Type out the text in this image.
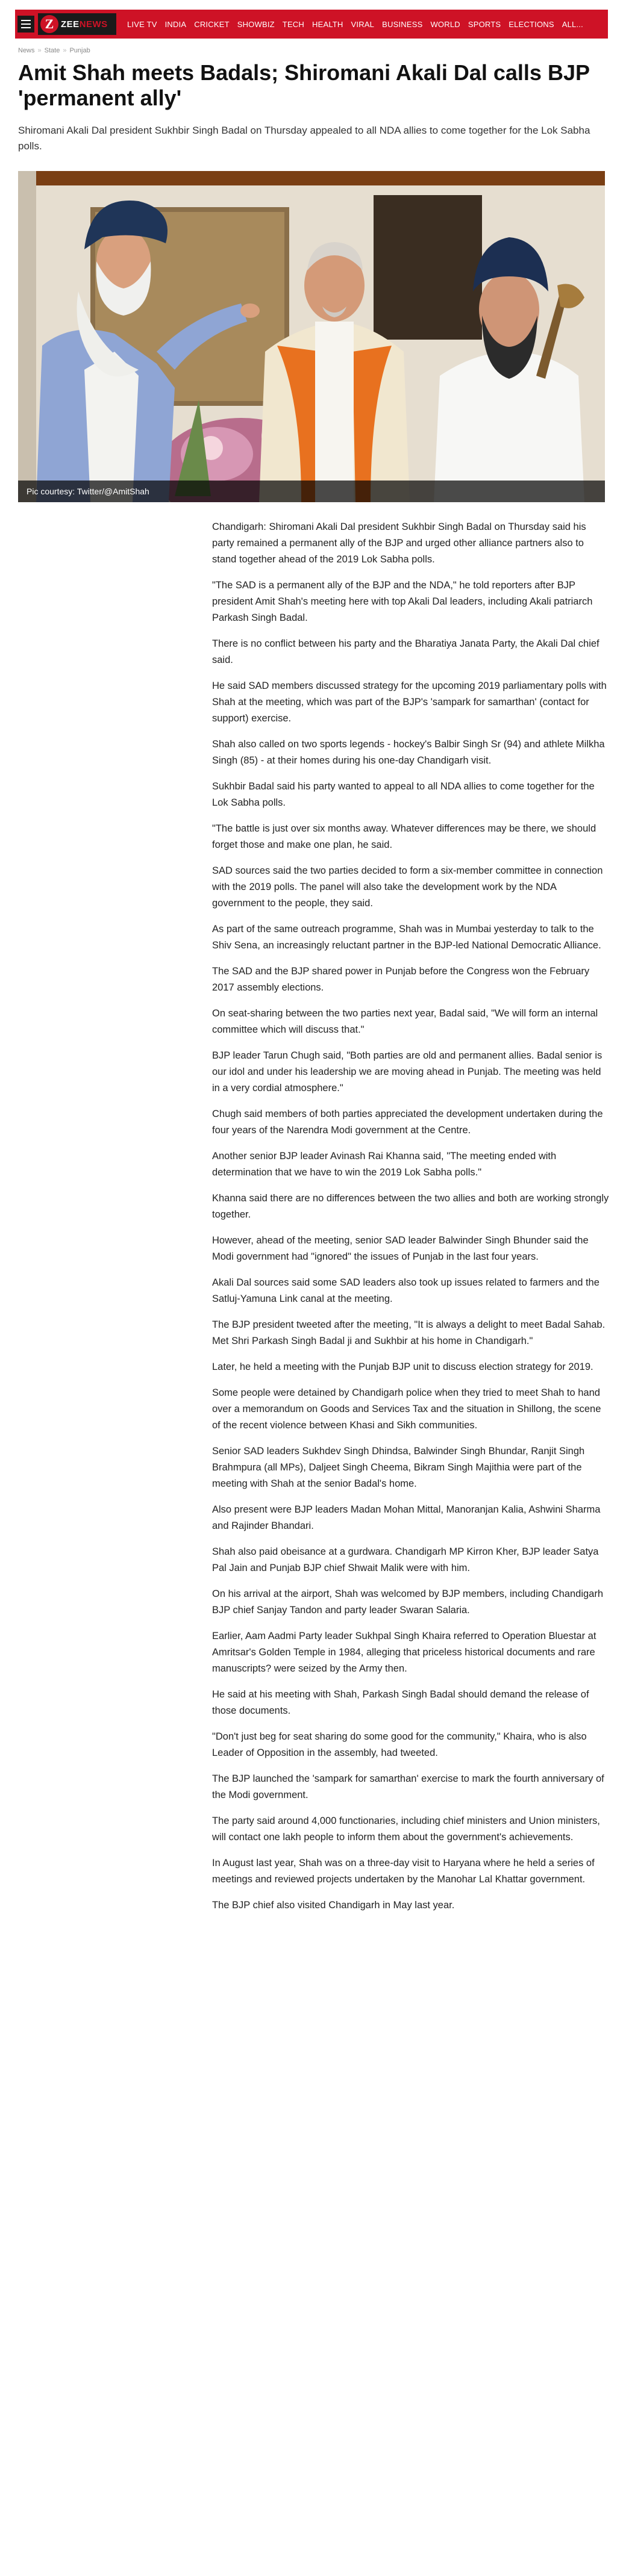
Z ZEENEWS LIVE TV INDIA CRICKET SHOWBIZ TECH HEALTH VIRAL BUSINESS WORLD SPORTS ELECTIONS ALL...
News » State » Punjab
Amit Shah meets Badals; Shiromani Akali Dal calls BJP 'permanent ally'

Shiromani Akali Dal president Sukhbir Singh Badal on Thursday appealed to all NDA allies to come together for the Lok Sabha polls.

Pic courtesy: Twitter/@AmitShah

Chandigarh: Shiromani Akali Dal president Sukhbir Singh Badal on Thursday said his party remained a permanent ally of the BJP and urged other alliance partners also to stand together ahead of the 2019 Lok Sabha polls.

"The SAD is a permanent ally of the BJP and the NDA," he told reporters after BJP president Amit Shah's meeting here with top Akali Dal leaders, including Akali patriarch Parkash Singh Badal.

There is no conflict between his party and the Bharatiya Janata Party, the Akali Dal chief said.

He said SAD members discussed strategy for the upcoming 2019 parliamentary polls with Shah at the meeting, which was part of the BJP's 'sampark for samarthan' (contact for support) exercise.

Shah also called on two sports legends - hockey's Balbir Singh Sr (94) and athlete Milkha Singh (85) - at their homes during his one-day Chandigarh visit.

Sukhbir Badal said his party wanted to appeal to all NDA allies to come together for the Lok Sabha polls.

"The battle is just over six months away. Whatever differences may be there, we should forget those and make one plan, he said.

SAD sources said the two parties decided to form a six-member committee in connection with the 2019 polls. The panel will also take the development work by the NDA government to the people, they said.

As part of the same outreach programme, Shah was in Mumbai yesterday to talk to the Shiv Sena, an increasingly reluctant partner in the BJP-led National Democratic Alliance.

The SAD and the BJP shared power in Punjab before the Congress won the February 2017 assembly elections.

On seat-sharing between the two parties next year, Badal said, "We will form an internal committee which will discuss that."

BJP leader Tarun Chugh said, "Both parties are old and permanent allies. Badal senior is our idol and under his leadership we are moving ahead in Punjab. The meeting was held in a very cordial atmosphere."

Chugh said members of both parties appreciated the development undertaken during the four years of the Narendra Modi government at the Centre.

Another senior BJP leader Avinash Rai Khanna said, "The meeting ended with determination that we have to win the 2019 Lok Sabha polls."

Khanna said there are no differences between the two allies and both are working strongly together.

However, ahead of the meeting, senior SAD leader Balwinder Singh Bhunder said the Modi government had "ignored" the issues of Punjab in the last four years.

Akali Dal sources said some SAD leaders also took up issues related to farmers and the Satluj-Yamuna Link canal at the meeting.

The BJP president tweeted after the meeting, "It is always a delight to meet Badal Sahab. Met Shri Parkash Singh Badal ji and Sukhbir at his home in Chandigarh."

Later, he held a meeting with the Punjab BJP unit to discuss election strategy for 2019.

Some people were detained by Chandigarh police when they tried to meet Shah to hand over a memorandum on Goods and Services Tax and the situation in Shillong, the scene of the recent violence between Khasi and Sikh communities.

Senior SAD leaders Sukhdev Singh Dhindsa, Balwinder Singh Bhundar, Ranjit Singh Brahmpura (all MPs), Daljeet Singh Cheema, Bikram Singh Majithia were part of the meeting with Shah at the senior Badal's home.

Also present were BJP leaders Madan Mohan Mittal, Manoranjan Kalia, Ashwini Sharma and Rajinder Bhandari.

Shah also paid obeisance at a gurdwara. Chandigarh MP Kirron Kher, BJP leader Satya Pal Jain and Punjab BJP chief Shwait Malik were with him.

On his arrival at the airport, Shah was welcomed by BJP members, including Chandigarh BJP chief Sanjay Tandon and party leader Swaran Salaria.

Earlier, Aam Aadmi Party leader Sukhpal Singh Khaira referred to Operation Bluestar at Amritsar's Golden Temple in 1984, alleging that priceless historical documents and rare manuscripts? were seized by the Army then.

He said at his meeting with Shah, Parkash Singh Badal should demand the release of those documents.

"Don't just beg for seat sharing do some good for the community," Khaira, who is also Leader of Opposition in the assembly, had tweeted.

The BJP launched the 'sampark for samarthan' exercise to mark the fourth anniversary of the Modi government.

The party said around 4,000 functionaries, including chief ministers and Union ministers, will contact one lakh people to inform them about the government's achievements.

In August last year, Shah was on a three-day visit to Haryana where he held a series of meetings and reviewed projects undertaken by the Manohar Lal Khattar government.

The BJP chief also visited Chandigarh in May last year.
